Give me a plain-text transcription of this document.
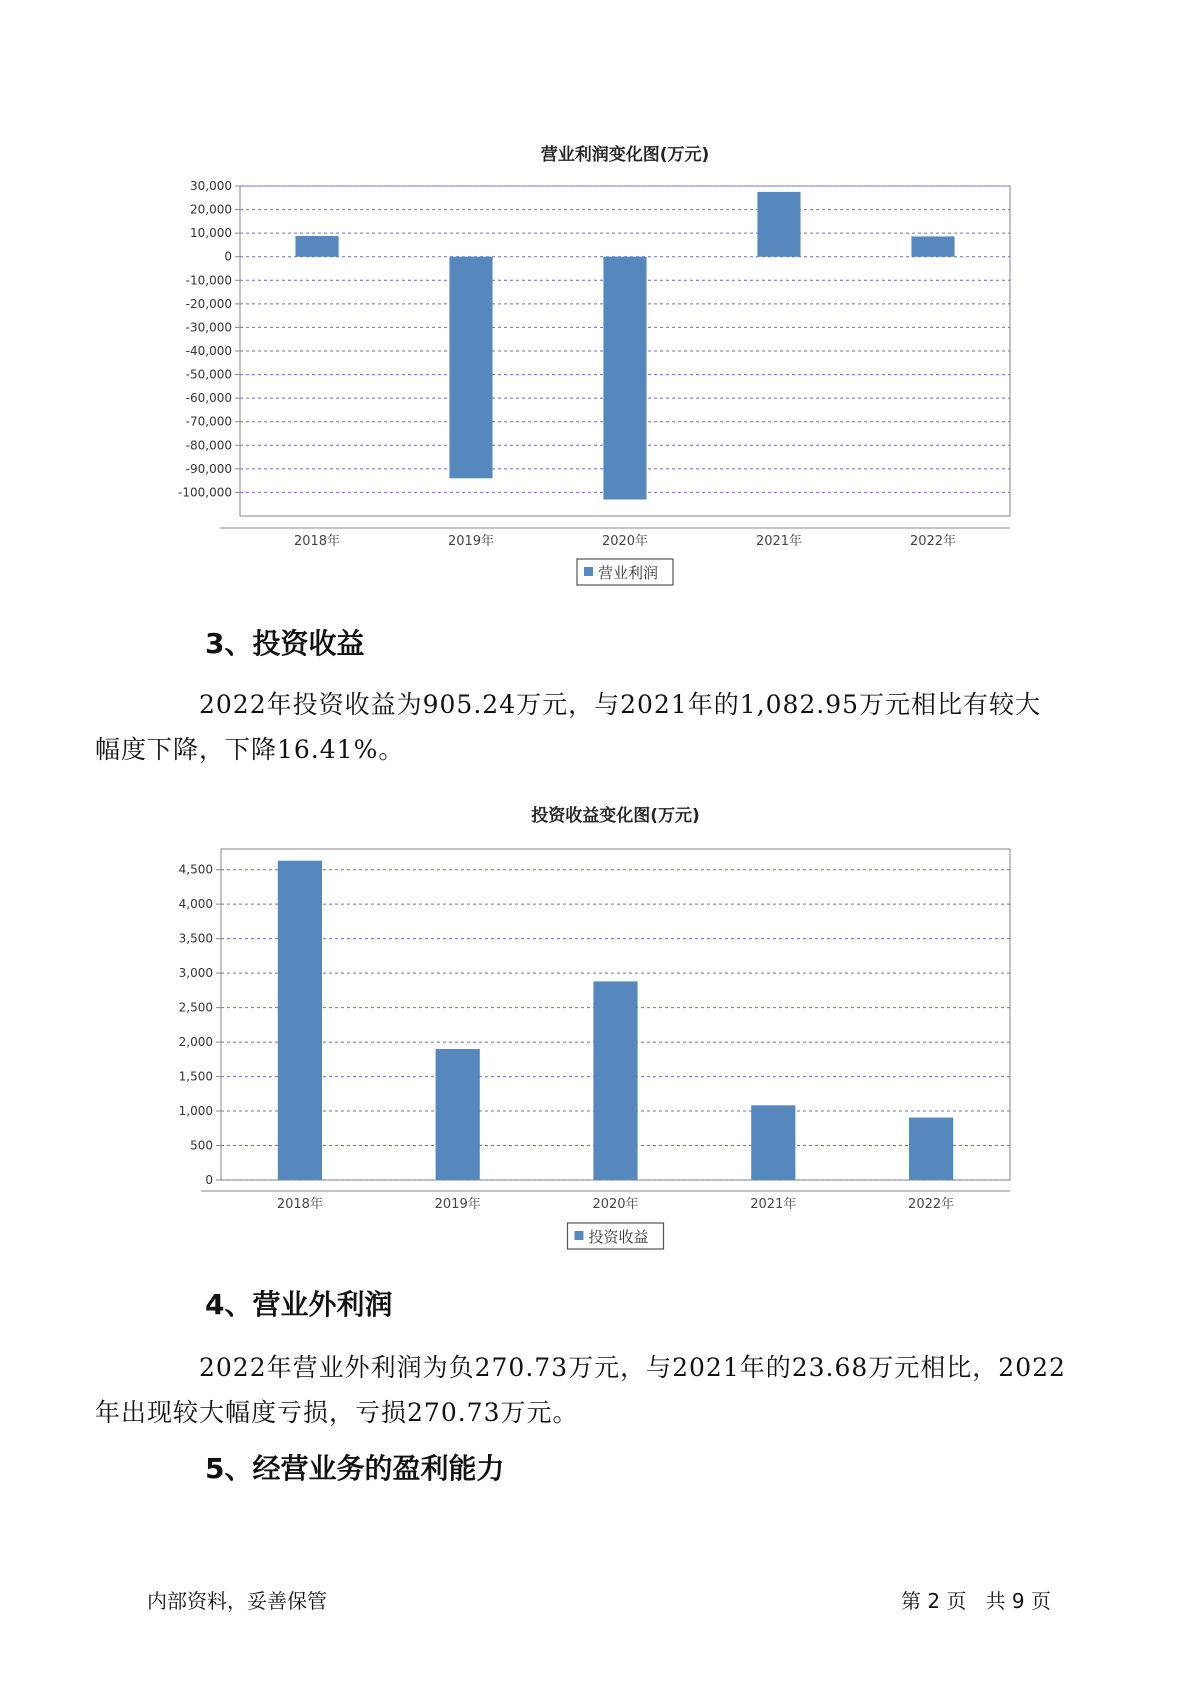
营业利润变化图(万元)
30,000
20,000
10,000
0
-10,000
-20,000
-30,000
-40,000
-50,000
-60,000
-70,000
-80,000
-90,000
-100,000
2018年	2019年	2020年	2021年	2022年
营业利润
投资收益变化图(万元)
4,500
4,000
3,500
3,000
2,500
2,000
1,500
1,000
500
0
2018年	2019年	2020年	2021年	2022年
投资收益
3、投资收益

2022年投资收益为905.24万元，与2021年的1,082.95万元相比有较大
幅度下降，下降16.41%。

4、营业外利润

2022年营业外利润为负270.73万元，与2021年的23.68万元相比，2022
年出现较大幅度亏损，亏损270.73万元。

5、经营业务的盈利能力
内部资料，妥善保管	第 2 页   共 9 页
